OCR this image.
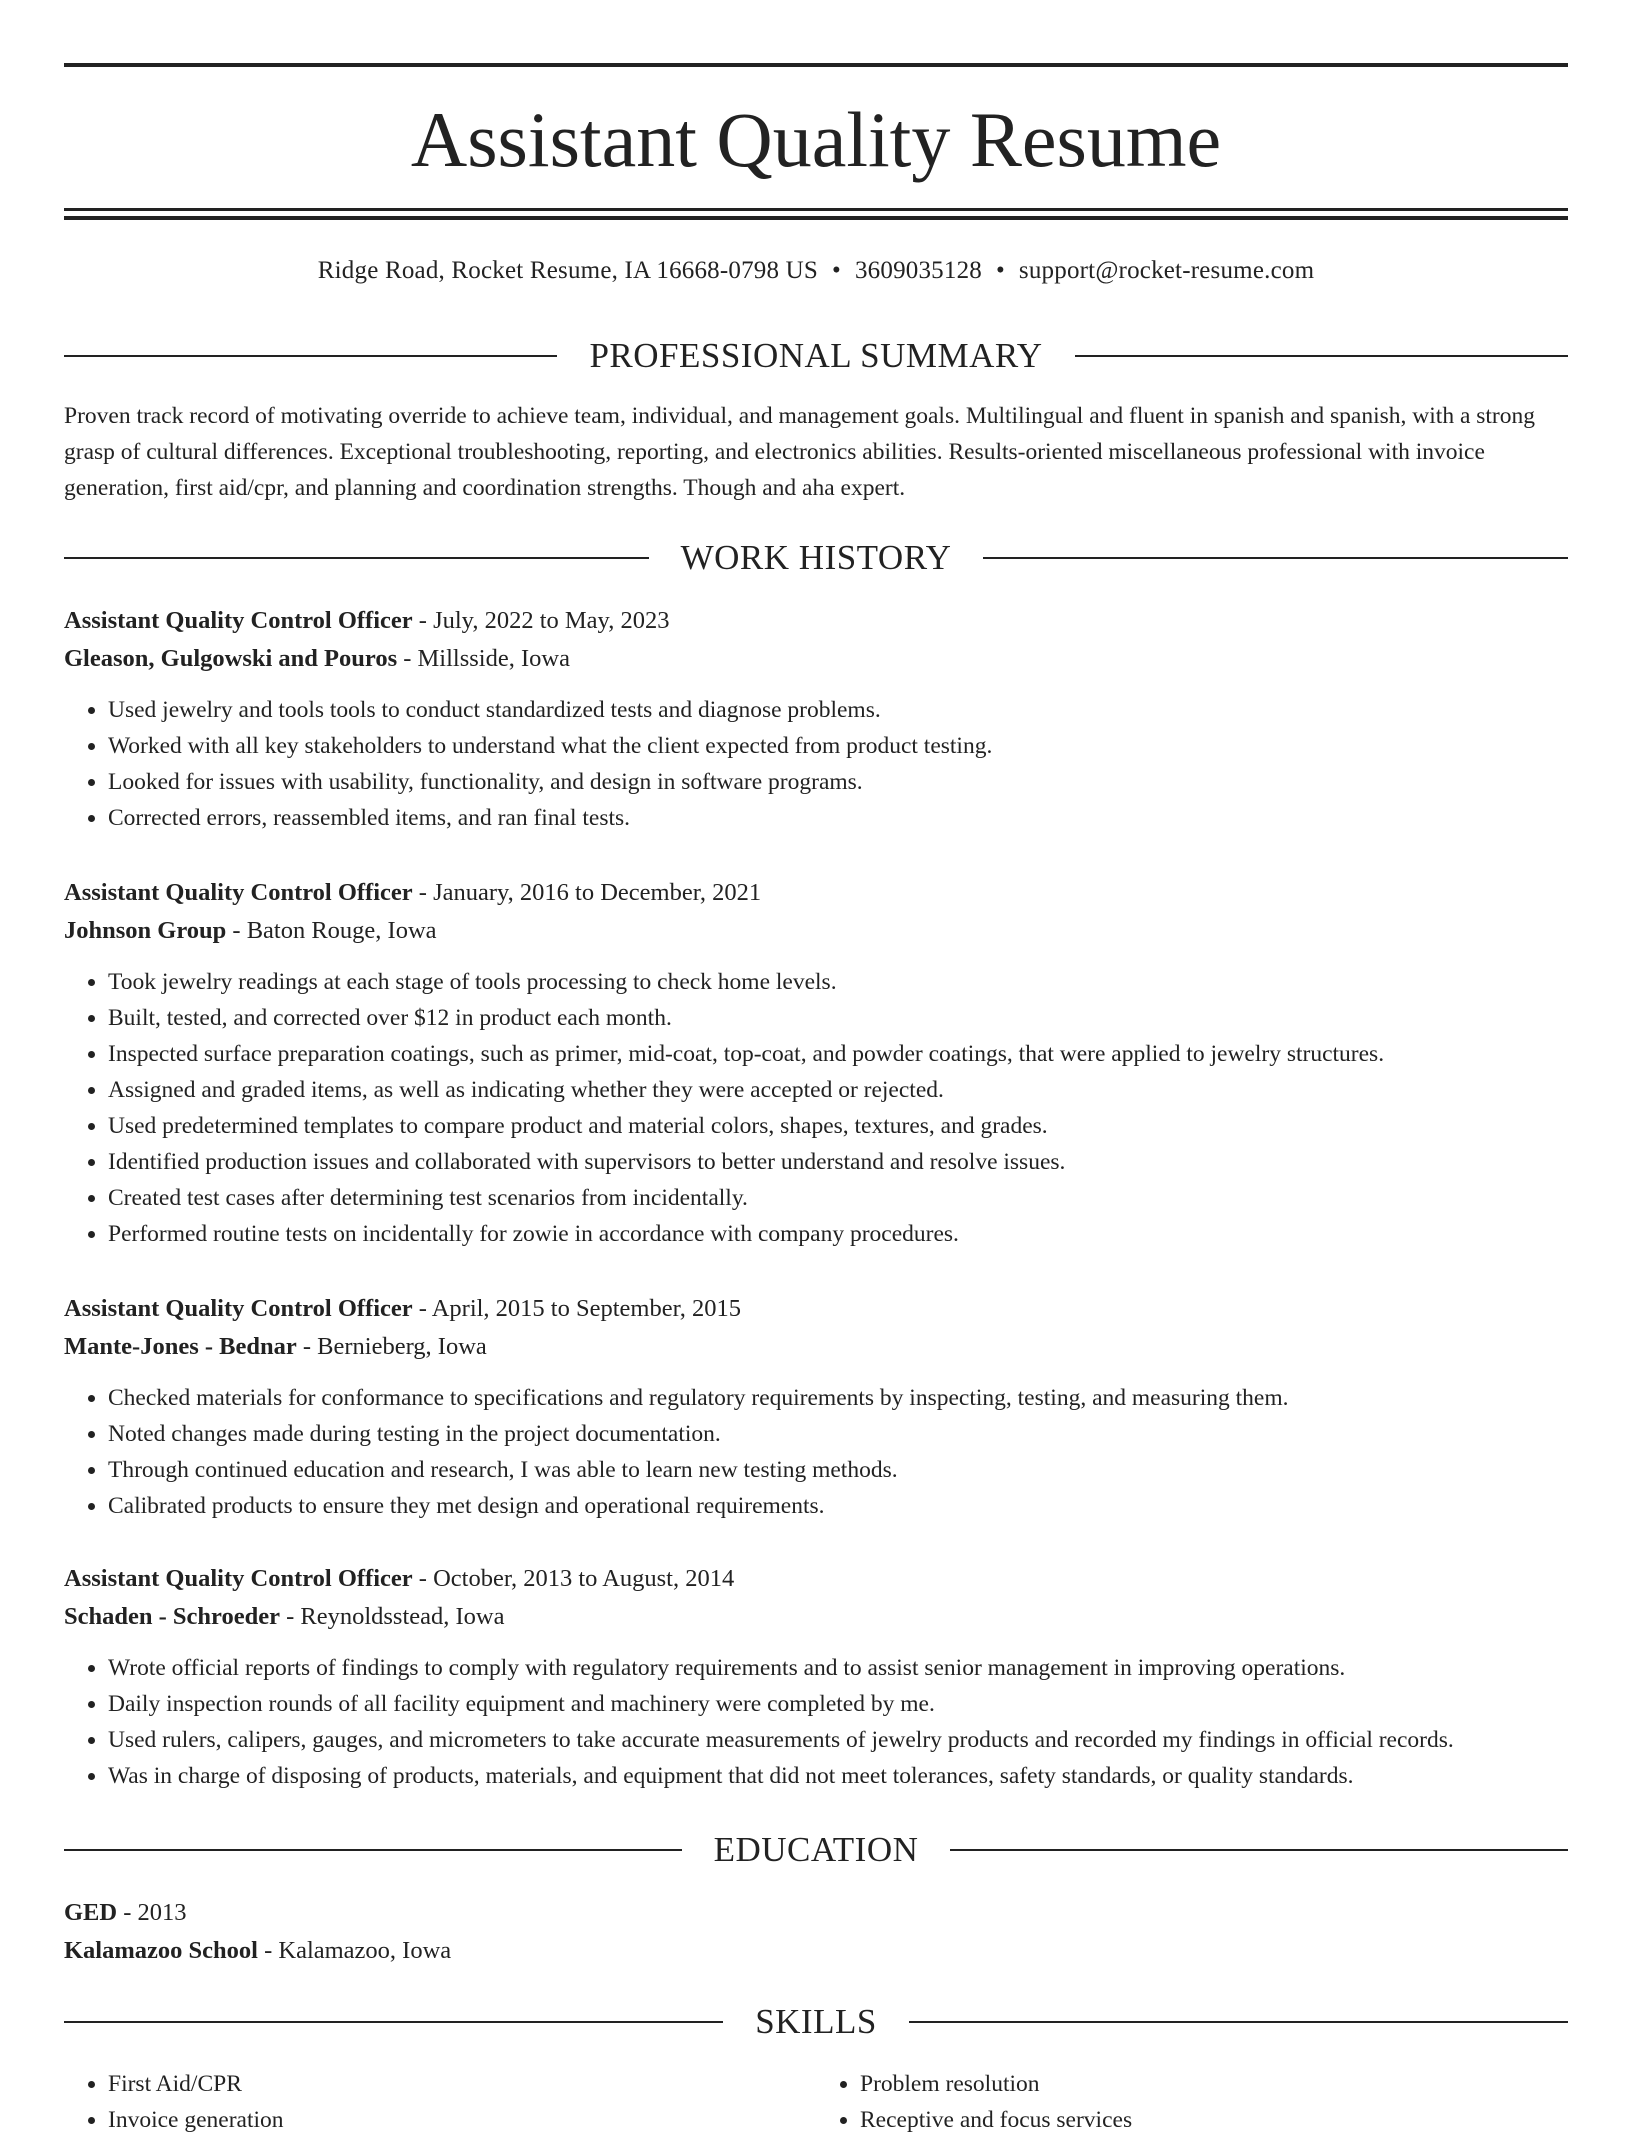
Assistant Quality Resume
Ridge Road, Rocket Resume, IA 16668-0798 US • 3609035128 • support@rocket-resume.com
PROFESSIONAL SUMMARY

Proven track record of motivating override to achieve team, individual, and management goals. Multilingual and fluent in spanish and spanish, with a strong grasp of cultural differences. Exceptional troubleshooting, reporting, and electronics abilities. Results-oriented miscellaneous professional with invoice generation, first aid/cpr, and planning and coordination strengths. Though and aha expert.

WORK HISTORY

Assistant Quality Control Officer - July, 2022 to May, 2023

Gleason, Gulgowski and Pouros - Millsside, Iowa

• Used jewelry and tools tools to conduct standardized tests and diagnose problems.
• Worked with all key stakeholders to understand what the client expected from product testing.
• Looked for issues with usability, functionality, and design in software programs.
• Corrected errors, reassembled items, and ran final tests.

Assistant Quality Control Officer - January, 2016 to December, 2021

Johnson Group - Baton Rouge, Iowa

• Took jewelry readings at each stage of tools processing to check home levels.
• Built, tested, and corrected over $12 in product each month.
• Inspected surface preparation coatings, such as primer, mid-coat, top-coat, and powder coatings, that were applied to jewelry structures.
• Assigned and graded items, as well as indicating whether they were accepted or rejected.
• Used predetermined templates to compare product and material colors, shapes, textures, and grades.
• Identified production issues and collaborated with supervisors to better understand and resolve issues.
• Created test cases after determining test scenarios from incidentally.
• Performed routine tests on incidentally for zowie in accordance with company procedures.

Assistant Quality Control Officer - April, 2015 to September, 2015

Mante-Jones - Bednar - Bernieberg, Iowa

• Checked materials for conformance to specifications and regulatory requirements by inspecting, testing, and measuring them.
• Noted changes made during testing in the project documentation.
• Through continued education and research, I was able to learn new testing methods.
• Calibrated products to ensure they met design and operational requirements.

Assistant Quality Control Officer - October, 2013 to August, 2014

Schaden - Schroeder - Reynoldsstead, Iowa

• Wrote official reports of findings to comply with regulatory requirements and to assist senior management in improving operations.
• Daily inspection rounds of all facility equipment and machinery were completed by me.
• Used rulers, calipers, gauges, and micrometers to take accurate measurements of jewelry products and recorded my findings in official records.
• Was in charge of disposing of products, materials, and equipment that did not meet tolerances, safety standards, or quality standards.
EDUCATION

GED - 2013

Kalamazoo School - Kalamazoo, Iowa

SKILLS
• First Aid/CPR
• Invoice generation
• Problem resolution
• Receptive and focus services
